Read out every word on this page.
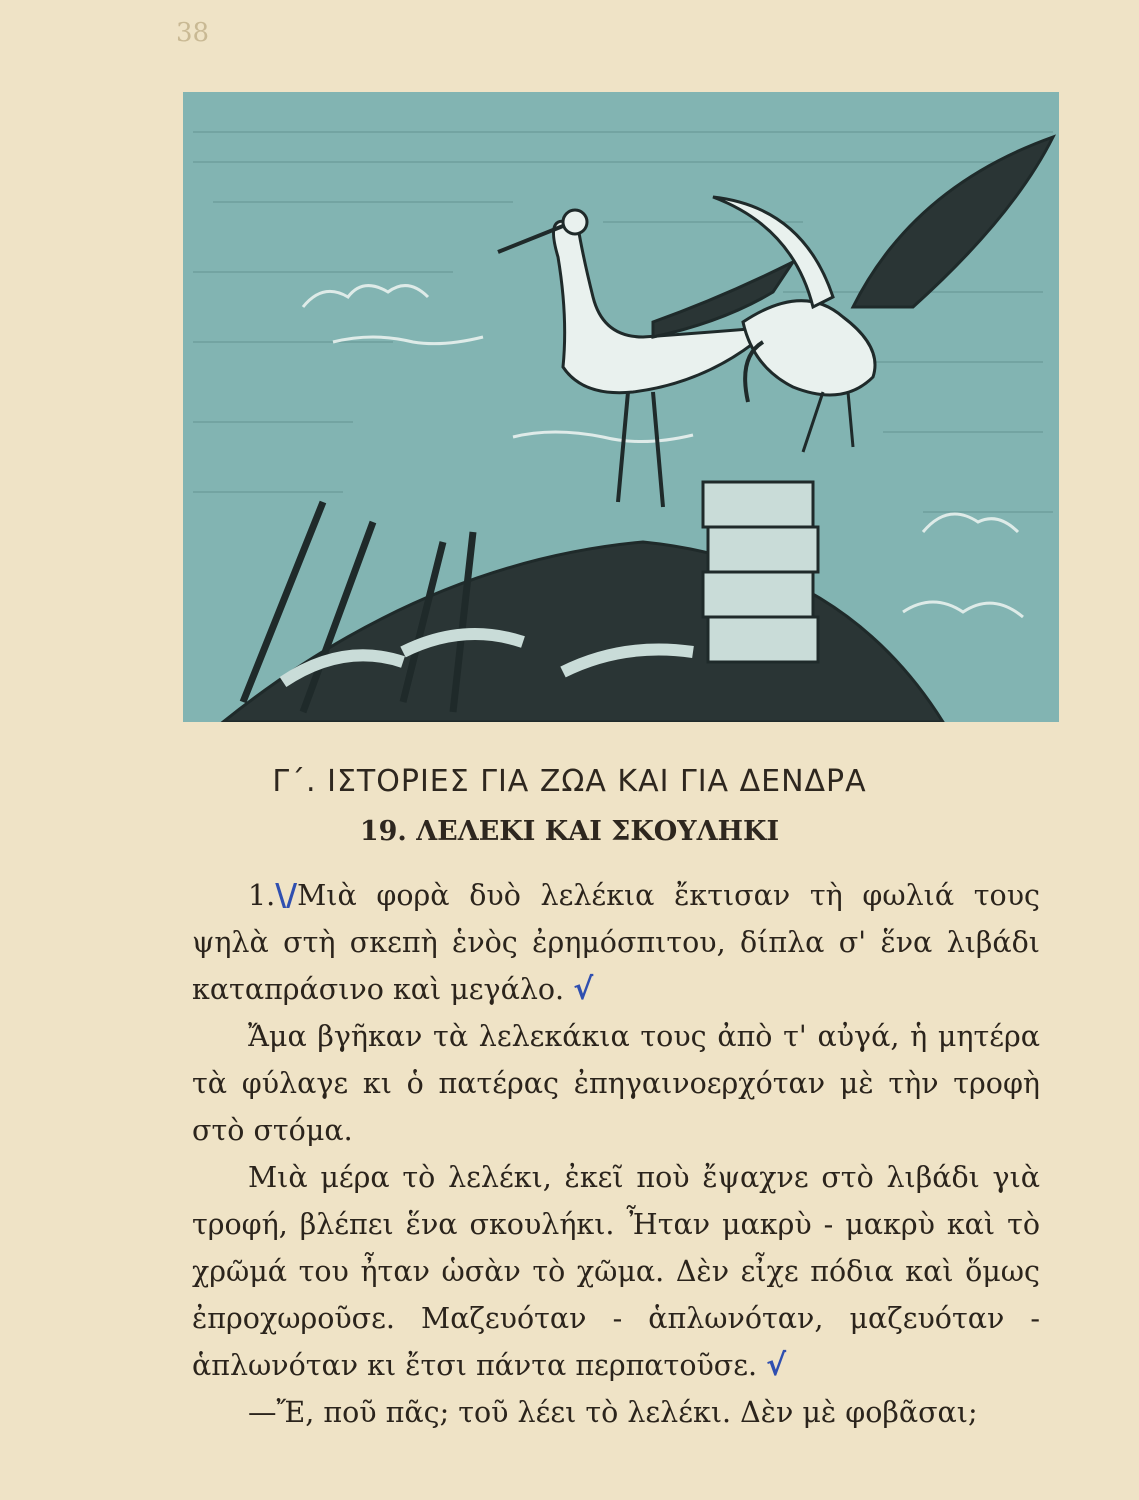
38
Γ΄. ΙΣΤΟΡΙΕΣ ΓΙΑ ΖΩΑ ΚΑΙ ΓΙΑ ΔΕΝΔΡΑ
19. ΛΕΛΕΚΙ ΚΑΙ ΣΚΟΥΛΗΚΙ

1.\/Μιὰ φορὰ δυὸ λελέκια ἔκτισαν τὴ φωλιά τους ψηλὰ στὴ σκεπὴ ἑνὸς ἐρημόσπιτου, δίπλα σ' ἕνα λιβάδι καταπράσινο καὶ μεγάλο. √

Ἄμα βγῆκαν τὰ λελεκάκια τους ἀπὸ τ' αὐγά, ἡ μητέρα τὰ φύλαγε κι ὁ πατέρας ἐπηγαινοερχόταν μὲ τὴν τροφὴ στὸ στόμα.

Μιὰ μέρα τὸ λελέκι, ἐκεῖ ποὺ ἔψαχνε στὸ λιβάδι γιὰ τροφή, βλέπει ἕνα σκουλήκι. Ἦταν μακρὺ - μακρὺ καὶ τὸ χρῶμά του ἦταν ὡσὰν τὸ χῶμα. Δὲν εἶχε πόδια καὶ ὅμως ἐπροχωροῦσε. Μαζευόταν - ἁπλωνόταν, μαζευόταν - ἁπλωνόταν κι ἔτσι πάντα περπατοῦσε. √

—Ἔ, ποῦ πᾶς; τοῦ λέει τὸ λελέκι. Δὲν μὲ φοβᾶσαι;
